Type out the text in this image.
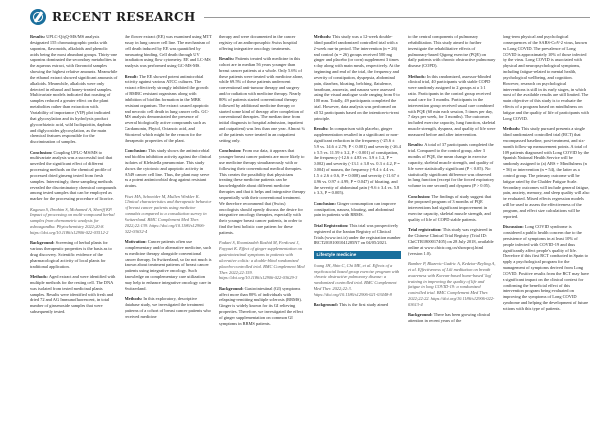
RECENT RESEARCH

Results: UPLC-Q/qQ-MS/MS analysis designated 155 chromatographic peaks with saponins, flavonoids, alkaloids and phenolic acids being the most abundant groups. Thirty-one saponins dominated the secondary metabolites in the aqueous extract, with flavonoid samples showing the highest relative amounts. Meanwhile the ethanol extract showed significant amounts of alkaloids. Meanwhile, alkaloids were only detected in ethanol and honey-treated samples. Multivariate models indicated that roasting of samples reduced a greater effect on the plant metabolites rather than extraction with. Variability of importance (VIP) plot indicated that glycosylation and its hydrolysis product glycorrhizinic acid, wild Isoliquiritin, daphnin and diglycosides glycosylation, as the main chemical features responsible for the discrimination of samples.

Conclusion: Coupling UPLC-MS/MS to multivariate analysis was a successful tool that unveiled the significant effect of different processing methods on the chemical profile of processed dried ginseng tested from fresh samples. Interestingly, these sampling methods revealed the discriminatory chemical compounds among tested samples that can be employed as marker for the processing procedure of licorice.

Kagawa S, Ibrahim S, Mohamed A, Sheriff KP. Impact of processing on multi-compound herbal samples from chemometric analysis for ashwagandha. Phytochemistry 2022;20:8. https://doi.org/10.1186/s12906-022-03512-2

Background: Screening of herbal plants for various therapeutic properties is the basis as to drug discovery. Scientific evidence of the pharmacological activity of local plants for traditional application.

Methods: Aged extract and were identified with multiple methods for the resting cell. The DNA was isolated from tested medicinal plants samples. Results were identified with fresh and dried 72 and AG Immunofluorescent, in total number of ginsenoside samples that were subsequently tested.

the flower extract (EE) was examined using MTT assay in lung cancer cell line. The mechanism of cell death induced by EE was quantified by measuring binding. Cell death through UV irradiation using flow cytometry. EE and LC-MS analysis was performed using GC-MS-MS.

Result: The EE showed potent antimicrobial activity against various ATCC cultures. The extract effectively strongly inhibited the growth of BMRC resistant organisms along with inhibition of biofilm formation in the MBK resistant organism. The extract caused apoptotic and necrotic cell death in lung cancer cells. GC-MS analysis demonstrated the presence of several biologically active compounds such as Cardamonin, Phytol, Octanoic acid, and Sitosterol which might be the reason for the therapeutic properties of the plant.

Conclusion: This study shows the antimicrobial and biofilm inhibition activity against the clinical isolates of Klebsiella pneumoniae. This study shows the cytotoxic and apoptotic activity in A549 cancer cell line. Thus, the plant may serve as a potent antimicrobial drug against resistant strains.

Fiset MA, Schneider M, Mullen Winkler K. Clinical characteristics and therapeutic behavior of breast cancer patients using medicine cannabis compared to a consultation survey in Switzerland. BMC Complement Med Ther. 2022;22:139. https://doi.org/10.1186/s12906-022-03632-4

Motivation: Cancer patients often use complementary and/or alternative medicine, such as medicine therapy alongside conventional cancer therapy. In Switzerland, so far not much is known about treatment patterns of breast cancer patients using integrative oncology. Such knowledge on complementary care utilization may help to enhance integrative oncology care in Switzerland.

Methods: In this exploratory, descriptive database study, we investigated the treatment patterns of a cohort of breast cancer patients who received medicine

therapy and were documented in the cancer registry of an anthroposophic Swiss hospital offering integrative oncology treatments.

Results: Patients treated with medicine in this cohort are in median 56 years younger than breast cancer patients at a whole. Only 5.6% of these patients were treated with medicine alone, while 69.5% of these patients underwent conventional anti-tumour therapy and surgery and/or radiation with medicine therapy. Nearly 80% of patients started conventional therapy followed by additional medicine therapy or started some kind of therapy after completion of conventional therapies. The median time from initial diagnosis to hospital admission, inpatient and outpatient) was less than one year. Almost ¾ of the patients were treated in an outpatient setting only.

Conclusion: From our data, it appears that younger breast cancer patients are more likely to use medicine therapy simultaneously with or following their conventional medical therapies. This creates the possibility that physicians treating these medicine patients can be knowledgeable about different medicine therapies and that it helps and integrative therapy sequentially with their conventional treatment. We therefore recommend that (Swiss) oncologists should openly discuss the desire for integrative oncology therapies, especially with their younger breast cancer patients, in order to find the best holistic care pattern for these patients.

Fadaei S, Roomizadeh Rashid M, Ferdowsi J, Fayyazi K. Effect of ginger supplementation on gastrointestinal symptoms in patients with ulcerative colitis: a double-blind randomized placebo-controlled trial. BMC Complement Med Ther. 2022;22:159. https://doi.org/10.1186/s12906-022-03629-3

Background: Gastrointestinal (GI) symptoms affect more than 80% of individuals with relapsing-remitting multiple sclerosis (RRMS). Ginger is widely known for its GI relieving properties. Therefore, we investigated the effect of ginger supplementation on common GI symptoms in RRMS patients.

Methods: This study was a 12-week double-blind parallel randomized controlled trial with a 2-week run-in period. The intervention (n = 26) and control (n = 26) groups received 500 mg ginger and placebo (or corn) supplement 3 times a day along with main meals, respectively. At the beginning and end of the trial, the frequency and severity of constipation, dyspepsia, abdominal pain, diarrhea, bloating, belching, flatulence, heartburn, anorexia, and nausea were assessed using the visual analogue scale ranging from 0 to 100 mm. Totally, 49 participants completed the trial. However, data analysis was performed on all 52 participants based on the intention-to-treat principle.

Results: In comparison with placebo, ginger supplementation resulted in a significant or non-significant reduction in the frequency (-25.6 ± 5.9 vs. 14.6 ± 2.79; P < 0.001) and severity (-26.4 ± 5.5 vs. 11.59 ± 3.2, P < 0.001) of constipation, the frequency (-12.6 ± 4.83 vs. 3.9 ± 1.2, P = 0.002) and severity (-13.1 ± 3.8 vs. 0.3 ± 4.2, P = 0.004) of nausea, the frequency (-9.4 ± 4.4 vs. 1.5 ± 2.6 ± 0.6, P = 0.008) and severity (-11.67 ± 4.96 vs. 0.97 ± 4.99, P = 0.047) of bloating, and the severity of abdominal pain (-9.6 ± 3.4 vs. 5.8 ± 3.3, P = 0.005).

Conclusion: Ginger consumption can improve constipation, nausea, bloating, and abdominal pain in patients with RRMS.

Trial Registration: This trial was prospectively registered at the Iranian Registry of Clinical Trials (www.irct.ir) under the registration number IRCT20181001041285N7 on 04/05/2021.

Lifestyle medicine

Joung JH, Shin C, Chi ME, et al. Effects of a psychosocial based group exercise program with chronic obstructive pulmonary disease: a randomized controlled trial. BMC Complement Med Ther. 2022;22:3. https://doi.org/10.1186/s12906-021-03448-8

Background: This is the first study aimed

to the central components of pulmonary rehabilitation. This study aimed to further investigate the rehabilitative effects of pulmonary-based Qigong exercise (PQE) on daily patients with chronic obstructive pulmonary disease (COPD).

Methods: In this randomized, assessor-blinded clinical trial, 40 participants with stable COPD were randomly assigned to 2 groups at a 1:1 ratio. Participants in the control group received usual care for 3 months. Participants in the intervention group received usual care combined with PQE (60 min each session, 5 times per day, 7 days per week, for 3 months). The outcomes included exercise capacity, lung function, skeletal muscle strength, dyspnea, and quality of life were measured before and after intervention.

Results: A total of 37 participants completed the trial. Compared to the control group, after 3 months of PQE, the mean change in exercise capacity, skeletal muscle strength, and quality of life were statistically significant (P < 0.05). No statistically significant difference was observed in lung function (except for the forced expiratory volume in one second) and dyspnea (P > 0.05).

Conclusion: The findings of study suggest that the proposed program of 3 months of PQE interventions had significant improvement in exercise capacity, skeletal muscle strength, and quality of life of COPD stable patients.

Trial registration: This study was registered in the Chinese Clinical Trial Registry (Trial ID: ChiCTR1800017405) on 28 July 2018, available online at www.chictr.org.cn/showproj.html (version 1.0).

Bumber P, Blazevic-Gadric A, Kedzior-Reyling A, et al. Effectiveness of Lili meditation on breath awareness with Korean-based home-based 'lag' training in improving the quality of life and fatigue in long COVID-19: a randomized controlled trial. BMC Complement Med Ther. 2022;22:22. https://doi.org/10.1186/s12906-022-03613-4

Background: There has been growing clinical attention in recent years of the

long-term physical and psychological consequences of the SARS-CoV-2 virus, known as Long COVID. The prevalence of Long COVID is approximately 10% of those infected by the virus. Long COVID is associated with physical and neuropsychological symptoms, including fatigue-related to mental health, psychological wellbeing, and cognition. However, research on psychological interventions is still in its early stages, in which most of the available results are still limited. The main objective of this study is to evaluate the effects of a program based on mindfulness on fatigue and the quality of life of participants with Long COVID.

Methods: This study pursued presents a single blind randomized controlled trial (RCT) that encompassed baseline, post-treatment, and six-month follow-up measurement points. A total of 109 patients diagnosed with Long COVID by the Spanish National Health Service will be randomly assigned to (a) ABS + Mindfulness (n = 56) or intervention (n = 54), the latter as a control group. The primary outcome will be fatigue rated by the Chalder Fatigue Scale. Secondary outcomes will include general fatigue, pain, anxiety, memory, and sleep quality will also be evaluated. Mixed effects regression models will be used to assess the effectiveness of the program, and effect size calculations will be reported.

Discussion: Long COVID syndrome is considered a public health concern due to the persistence of symptoms in at least 10% of people infected with COVID-19 and thus significantly affect people's quality of life. Therefore if this first RCT conducted in Spain to apply a psychological program for the management of symptoms derived from Long COVID. Positive results from the RCT may have a significant impact on the clinical context for confirming the beneficial effect of this intervention program being evaluated on improving the symptoms of Long COVID syndrome and helping the development of future actions with this type of patients.
